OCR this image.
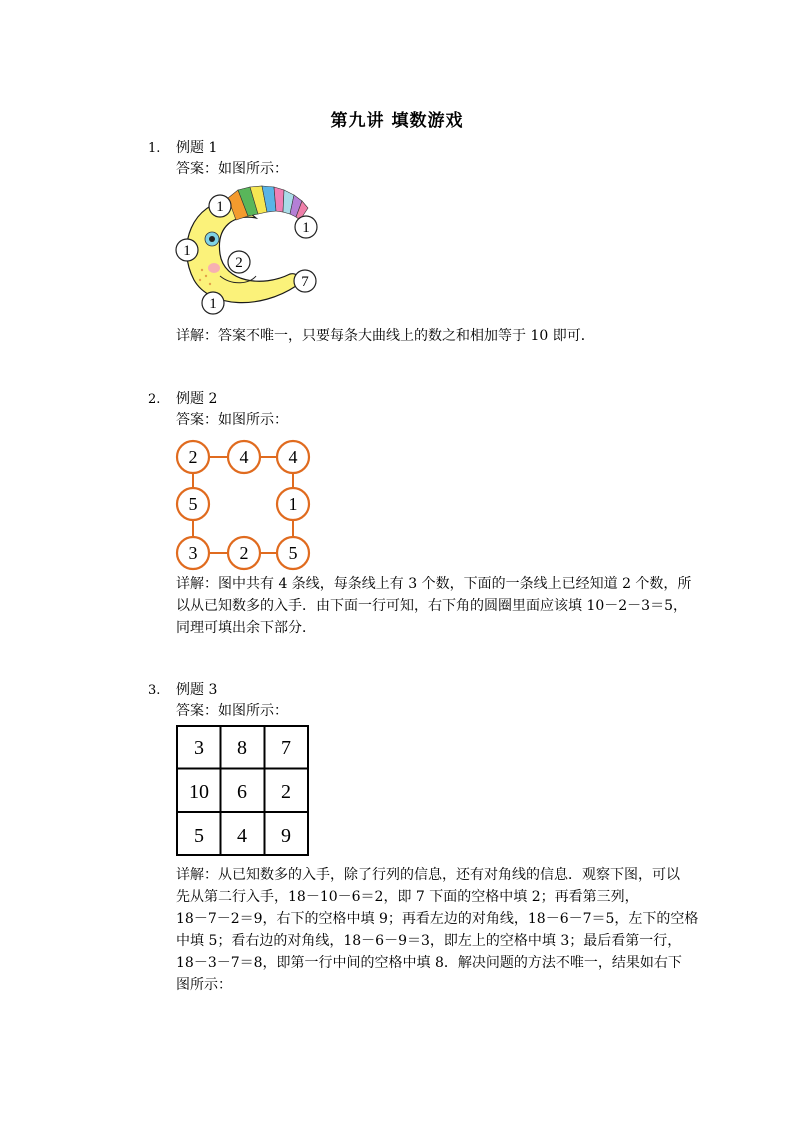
第九讲 填数游戏
1. 例题 1
答案：如图所示：
1
1
1
2
7
1
详解：答案不唯一，只要每条大曲线上的数之和相加等于 10 即可．
2. 例题 2
答案：如图所示：
2 4 4
5	1
3 2 5
详解：图中共有 4 条线，每条线上有 3 个数，下面的一条线上已经知道 2 个数，所
以从已知数多的入手．由下面一行可知，右下角的圆圈里面应该填 10－2－3＝5，
同理可填出余下部分．
3. 例题 3
答案：如图所示：
3 8 7
10 6 2
5 4 9
详解：从已知数多的入手，除了行列的信息，还有对角线的信息．观察下图，可以
先从第二行入手，18－10－6＝2，即 7 下面的空格中填 2；再看第三列，
18－7－2＝9，右下的空格中填 9；再看左边的对角线，18－6－7＝5，左下的空格
中填 5；看右边的对角线，18－6－9＝3，即左上的空格中填 3；最后看第一行，
18－3－7＝8，即第一行中间的空格中填 8．解决问题的方法不唯一，结果如右下
图所示：
